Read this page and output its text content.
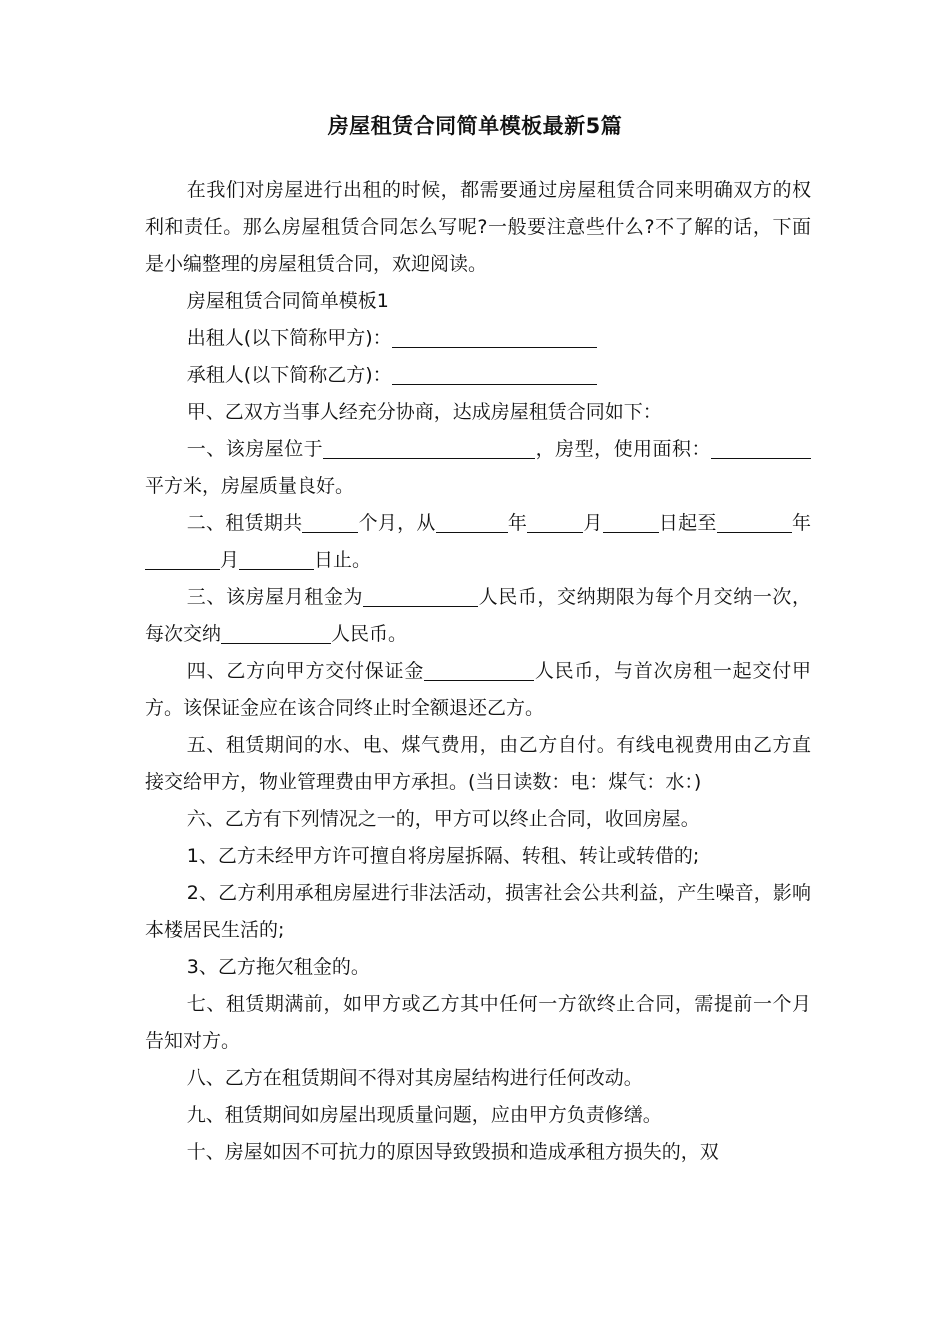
房屋租赁合同简单模板最新5篇

在我们对房屋进行出租的时候，都需要通过房屋租赁合同来明确双方的权利和责任。那么房屋租赁合同怎么写呢?一般要注意些什么?不了解的话，下面是小编整理的房屋租赁合同，欢迎阅读。

房屋租赁合同简单模板1

出租人(以下简称甲方)：

承租人(以下简称乙方)：

甲、乙双方当事人经充分协商，达成房屋租赁合同如下：

一、该房屋位于	，房型，使用面积：平方米，房屋质量良好。

二、租赁期共	个月，从	年	月	日起至	年月	日止。

三、该房屋月租金为	人民币，交纳期限为每个月交纳一次，每次交纳	人民币。

四、乙方向甲方交付保证金	人民币，与首次房租一起交付甲方。该保证金应在该合同终止时全额退还乙方。

五、租赁期间的水、电、煤气费用，由乙方自付。有线电视费用由乙方直接交给甲方，物业管理费由甲方承担。(当日读数：电：煤气：水：)

六、乙方有下列情况之一的，甲方可以终止合同，收回房屋。

1、乙方未经甲方许可擅自将房屋拆隔、转租、转让或转借的;

2、乙方利用承租房屋进行非法活动，损害社会公共利益，产生噪音，影响本楼居民生活的;

3、乙方拖欠租金的。

七、租赁期满前，如甲方或乙方其中任何一方欲终止合同，需提前一个月告知对方。

八、乙方在租赁期间不得对其房屋结构进行任何改动。

九、租赁期间如房屋出现质量问题，应由甲方负责修缮。

十、房屋如因不可抗力的原因导致毁损和造成承租方损失的，双
